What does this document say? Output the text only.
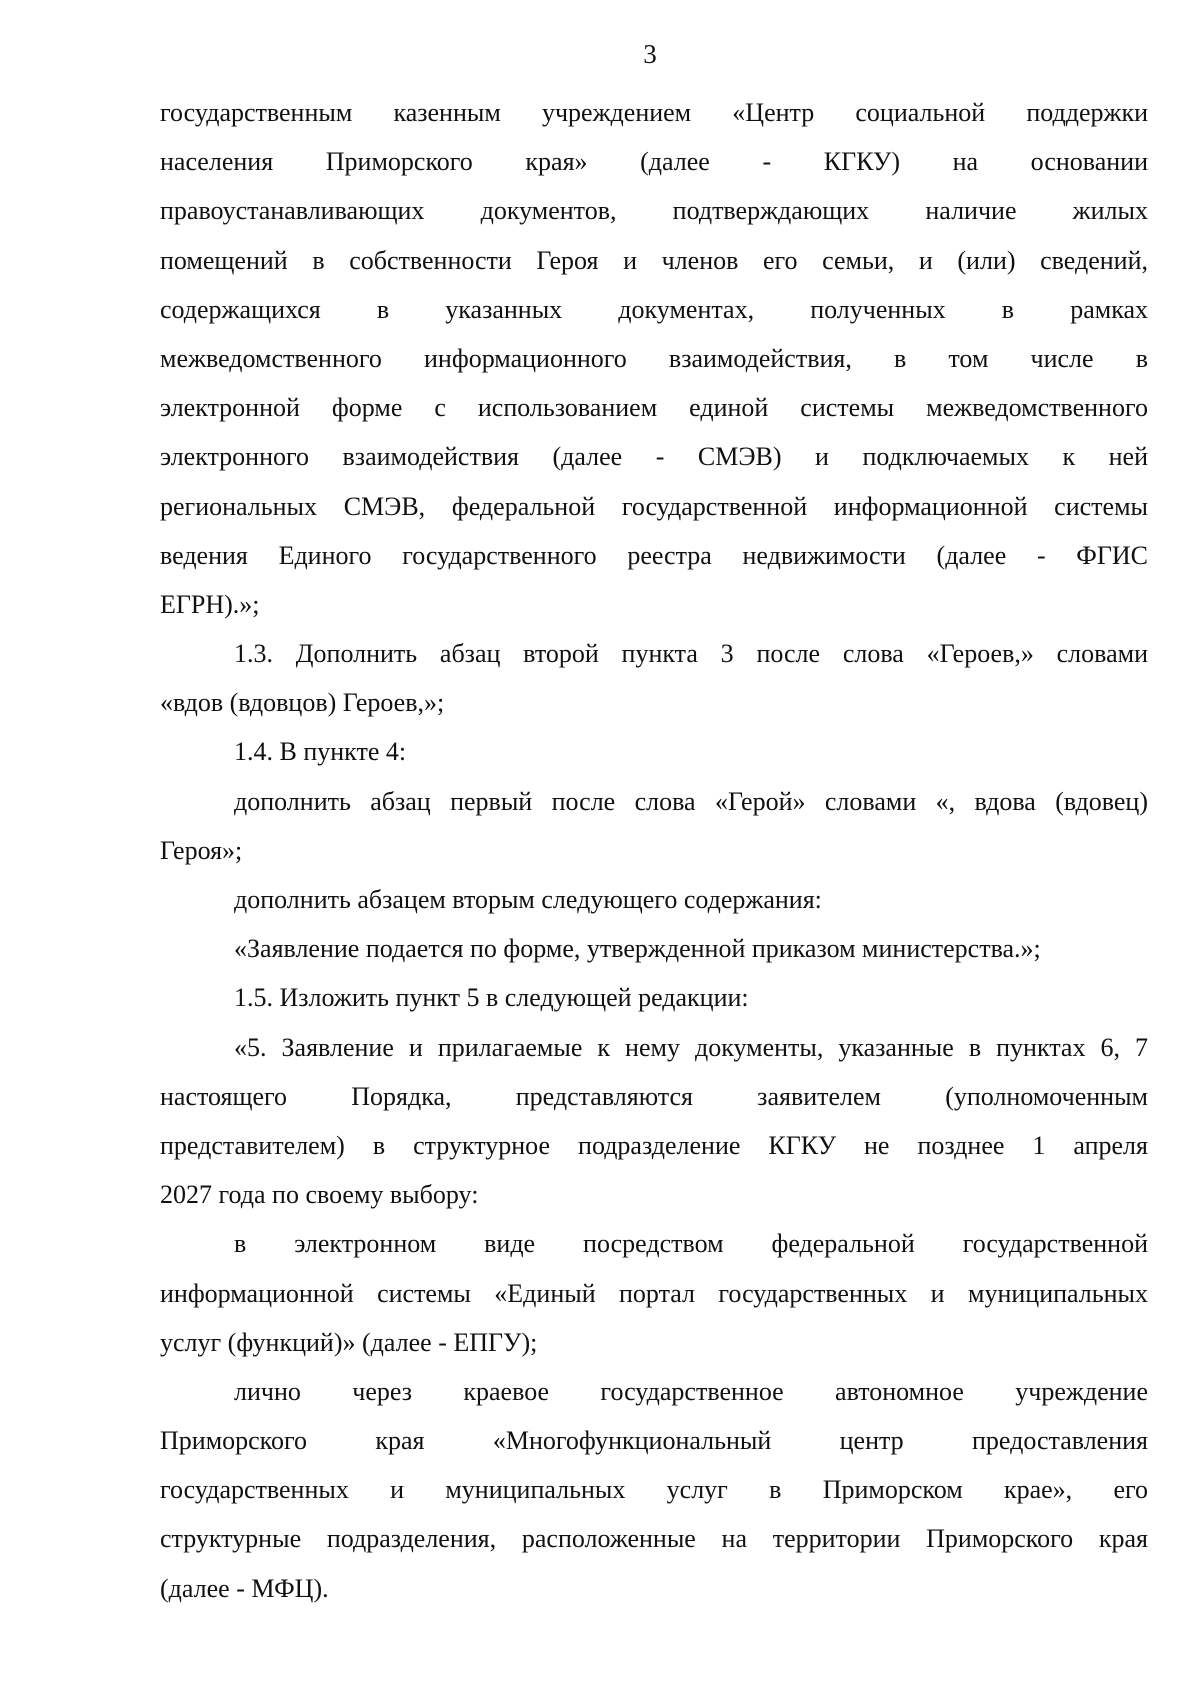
3
государственным казенным учреждением «Центр социальной поддержки
населения Приморского края» (далее - КГКУ) на основании
правоустанавливающих документов, подтверждающих наличие жилых
помещений в собственности Героя и членов его семьи, и (или) сведений,
содержащихся в указанных документах, полученных в рамках
межведомственного информационного взаимодействия, в том числе в
электронной форме с использованием единой системы межведомственного
электронного взаимодействия (далее - СМЭВ) и подключаемых к ней
региональных СМЭВ, федеральной государственной информационной системы
ведения Единого государственного реестра недвижимости (далее - ФГИС
ЕГРН).»;
1.3. Дополнить абзац второй пункта 3 после слова «Героев,» словами
«вдов (вдовцов) Героев,»;
1.4. В пункте 4:
дополнить абзац первый после слова «Герой» словами «, вдова (вдовец)
Героя»;
дополнить абзацем вторым следующего содержания:
«Заявление подается по форме, утвержденной приказом министерства.»;
1.5. Изложить пункт 5 в следующей редакции:
«5. Заявление и прилагаемые к нему документы, указанные в пунктах 6, 7
настоящего Порядка, представляются заявителем (уполномоченным
представителем) в структурное подразделение КГКУ не позднее 1 апреля
2027 года по своему выбору:
в электронном виде посредством федеральной государственной
информационной системы «Единый портал государственных и муниципальных
услуг (функций)» (далее - ЕПГУ);
лично через краевое государственное автономное учреждение
Приморского края «Многофункциональный центр предоставления
государственных и муниципальных услуг в Приморском крае», его
структурные подразделения, расположенные на территории Приморского края
(далее - МФЦ).
